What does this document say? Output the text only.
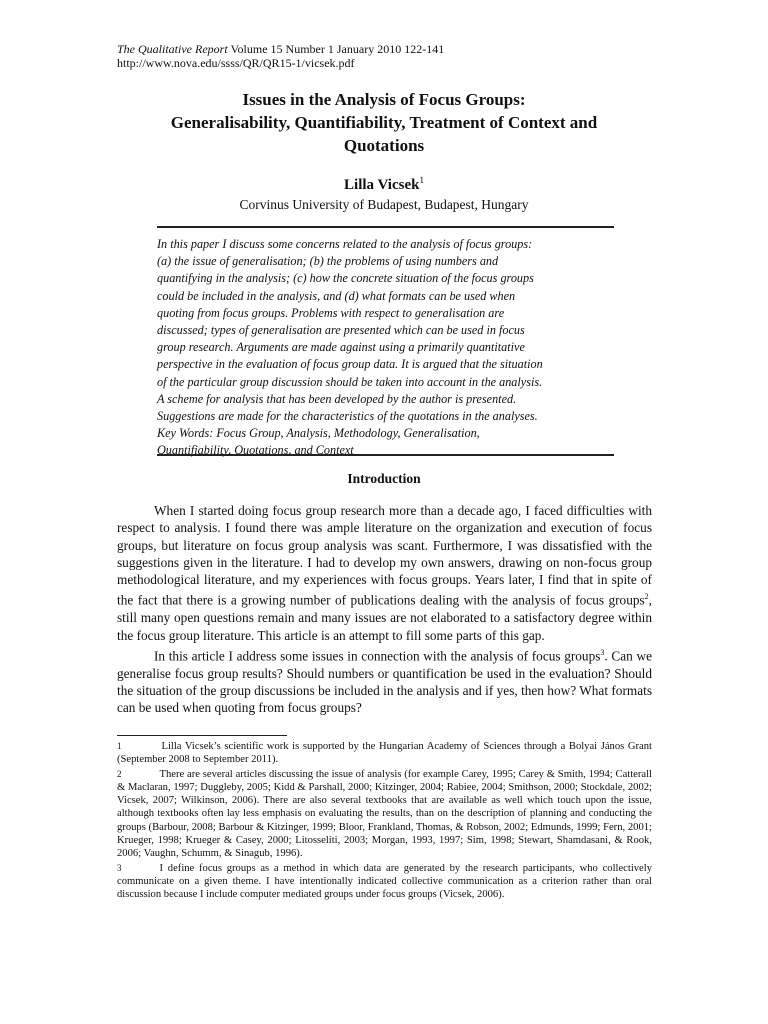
The Qualitative Report Volume 15 Number 1 January 2010 122-141
http://www.nova.edu/ssss/QR/QR15-1/vicsek.pdf
Issues in the Analysis of Focus Groups:
Generalisability, Quantifiability, Treatment of Context and
Quotations
Lilla Vicsek$^1$
Corvinus University of Budapest, Budapest, Hungary
In this paper I discuss some concerns related to the analysis of focus groups:
(a) the issue of generalisation; (b) the problems of using numbers and
quantifying in the analysis; (c) how the concrete situation of the focus groups
could be included in the analysis, and (d) what formats can be used when
quoting from focus groups. Problems with respect to generalisation are
discussed; types of generalisation are presented which can be used in focus
group research. Arguments are made against using a primarily quantitative
perspective in the evaluation of focus group data. It is argued that the situation
of the particular group discussion should be taken into account in the analysis.
A scheme for analysis that has been developed by the author is presented.
Suggestions are made for the characteristics of the quotations in the analyses.
Key Words: Focus Group, Analysis, Methodology, Generalisation,
Quantifiability, Quotations, and Context
Introduction

When I started doing focus group research more than a decade ago, I faced difficulties with respect to analysis. I found there was ample literature on the organization and execution of focus groups, but literature on focus group analysis was scant. Furthermore, I was dissatisfied with the suggestions given in the literature. I had to develop my own answers, drawing on non-focus group methodological literature, and my experiences with focus groups. Years later, I find that in spite of the fact that there is a growing number of publications dealing with the analysis of focus groups$^2$, still many open questions remain and many issues are not elaborated to a satisfactory degree within the focus group literature. This article is an attempt to fill some parts of this gap.

In this article I address some issues in connection with the analysis of focus groups$^3$. Can we generalise focus group results? Should numbers or quantification be used in the evaluation? Should the situation of the group discussions be included in the analysis and if yes, then how? What formats can be used when quoting from focus groups?

$^1$	Lilla Vicsek’s scientific work is supported by the Hungarian Academy of Sciences through a Bolyai János Grant (September 2008 to September 2011).
$^2$	There are several articles discussing the issue of analysis (for example Carey, 1995; Carey & Smith, 1994; Catterall & Maclaran, 1997; Duggleby, 2005; Kidd & Parshall, 2000; Kitzinger, 2004; Rabiee, 2004; Smithson, 2000; Stockdale, 2002; Vicsek, 2007; Wilkinson, 2006). There are also several textbooks that are available as well which touch upon the issue, although textbooks often lay less emphasis on evaluating the results, than on the description of planning and conducting the groups (Barbour, 2008; Barbour & Kitzinger, 1999; Bloor, Frankland, Thomas, & Robson, 2002; Edmunds, 1999; Fern, 2001; Krueger, 1998; Krueger & Casey, 2000; Litosseliti, 2003; Morgan, 1993, 1997; Sim, 1998; Stewart, Shamdasani, & Rook, 2006; Vaughn, Schumm, & Sinagub, 1996).
$^3$	I define focus groups as a method in which data are generated by the research participants, who collectively communicate on a given theme. I have intentionally indicated collective communication as a criterion rather than oral discussion because I include computer mediated groups under focus groups (Vicsek, 2006).
